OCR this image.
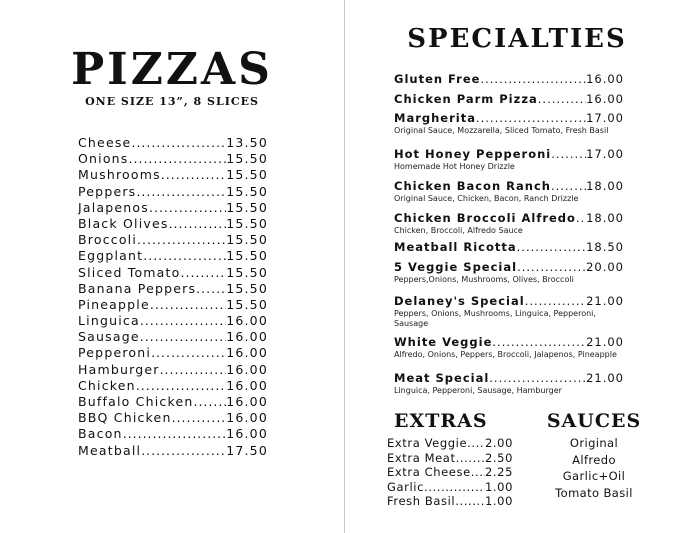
PIZZAS
ONE SIZE 13”, 8 SLICES
Cheese .....	13.50
Onions .....	15.50
Mushrooms .....	15.50
Peppers .....	15.50
Jalapenos .....	15.50
Black Olives .....	15.50
Broccoli .....	15.50
Eggplant .....	15.50
Sliced Tomato .....	15.50
Banana Peppers ..... 15.50
Pineapple .....	15.50
Linguica .....	16.00
Sausage .....	16.00
Pepperoni .....	16.00
Hamburger .....	16.00
Chicken .....	16.00
Buffalo Chicken .....	16.00
BBQ Chicken .....	16.00
Bacon .....	16.00
Meatball .....	17.50
SPECIALTIES
Gluten Free .....	16.00
Chicken Parm Pizza .....	16.00
Margherita .....	17.00
Original Sauce, Mozzarella, Sliced Tomato, Fresh Basil
Hot Honey Pepperoni .....	17.00
Homemade Hot Honey Drizzle
Chicken Bacon Ranch .....	18.00
Original Sauce, Chicken, Bacon, Ranch Drizzle
Chicken Broccoli Alfredo ..... 18.00
Chicken, Broccoli, Alfredo Sauce
Meatball Ricotta .....	18.50
5 Veggie Special .....	20.00
Peppers,Onions, Mushrooms, Olives, Broccoli
Delaney's Special .....	21.00
Peppers, Onions, Mushrooms, Linguica, Pepperoni, Sausage
White Veggie .....	21.00
Alfredo, Onions, Peppers, Broccoli, Jalapenos, Pineapple
Meat Special .....	21.00
Linguica, Pepperoni, Sausage, Hamburger
EXTRAS
Extra Veggie ..... 2.00
Extra Meat .....	2.50
Extra Cheese ..... 2.25
Garlic .....	1.00
Fresh Basil .....	1.00
SAUCES
Original
Alfredo
Garlic+Oil
Tomato Basil
